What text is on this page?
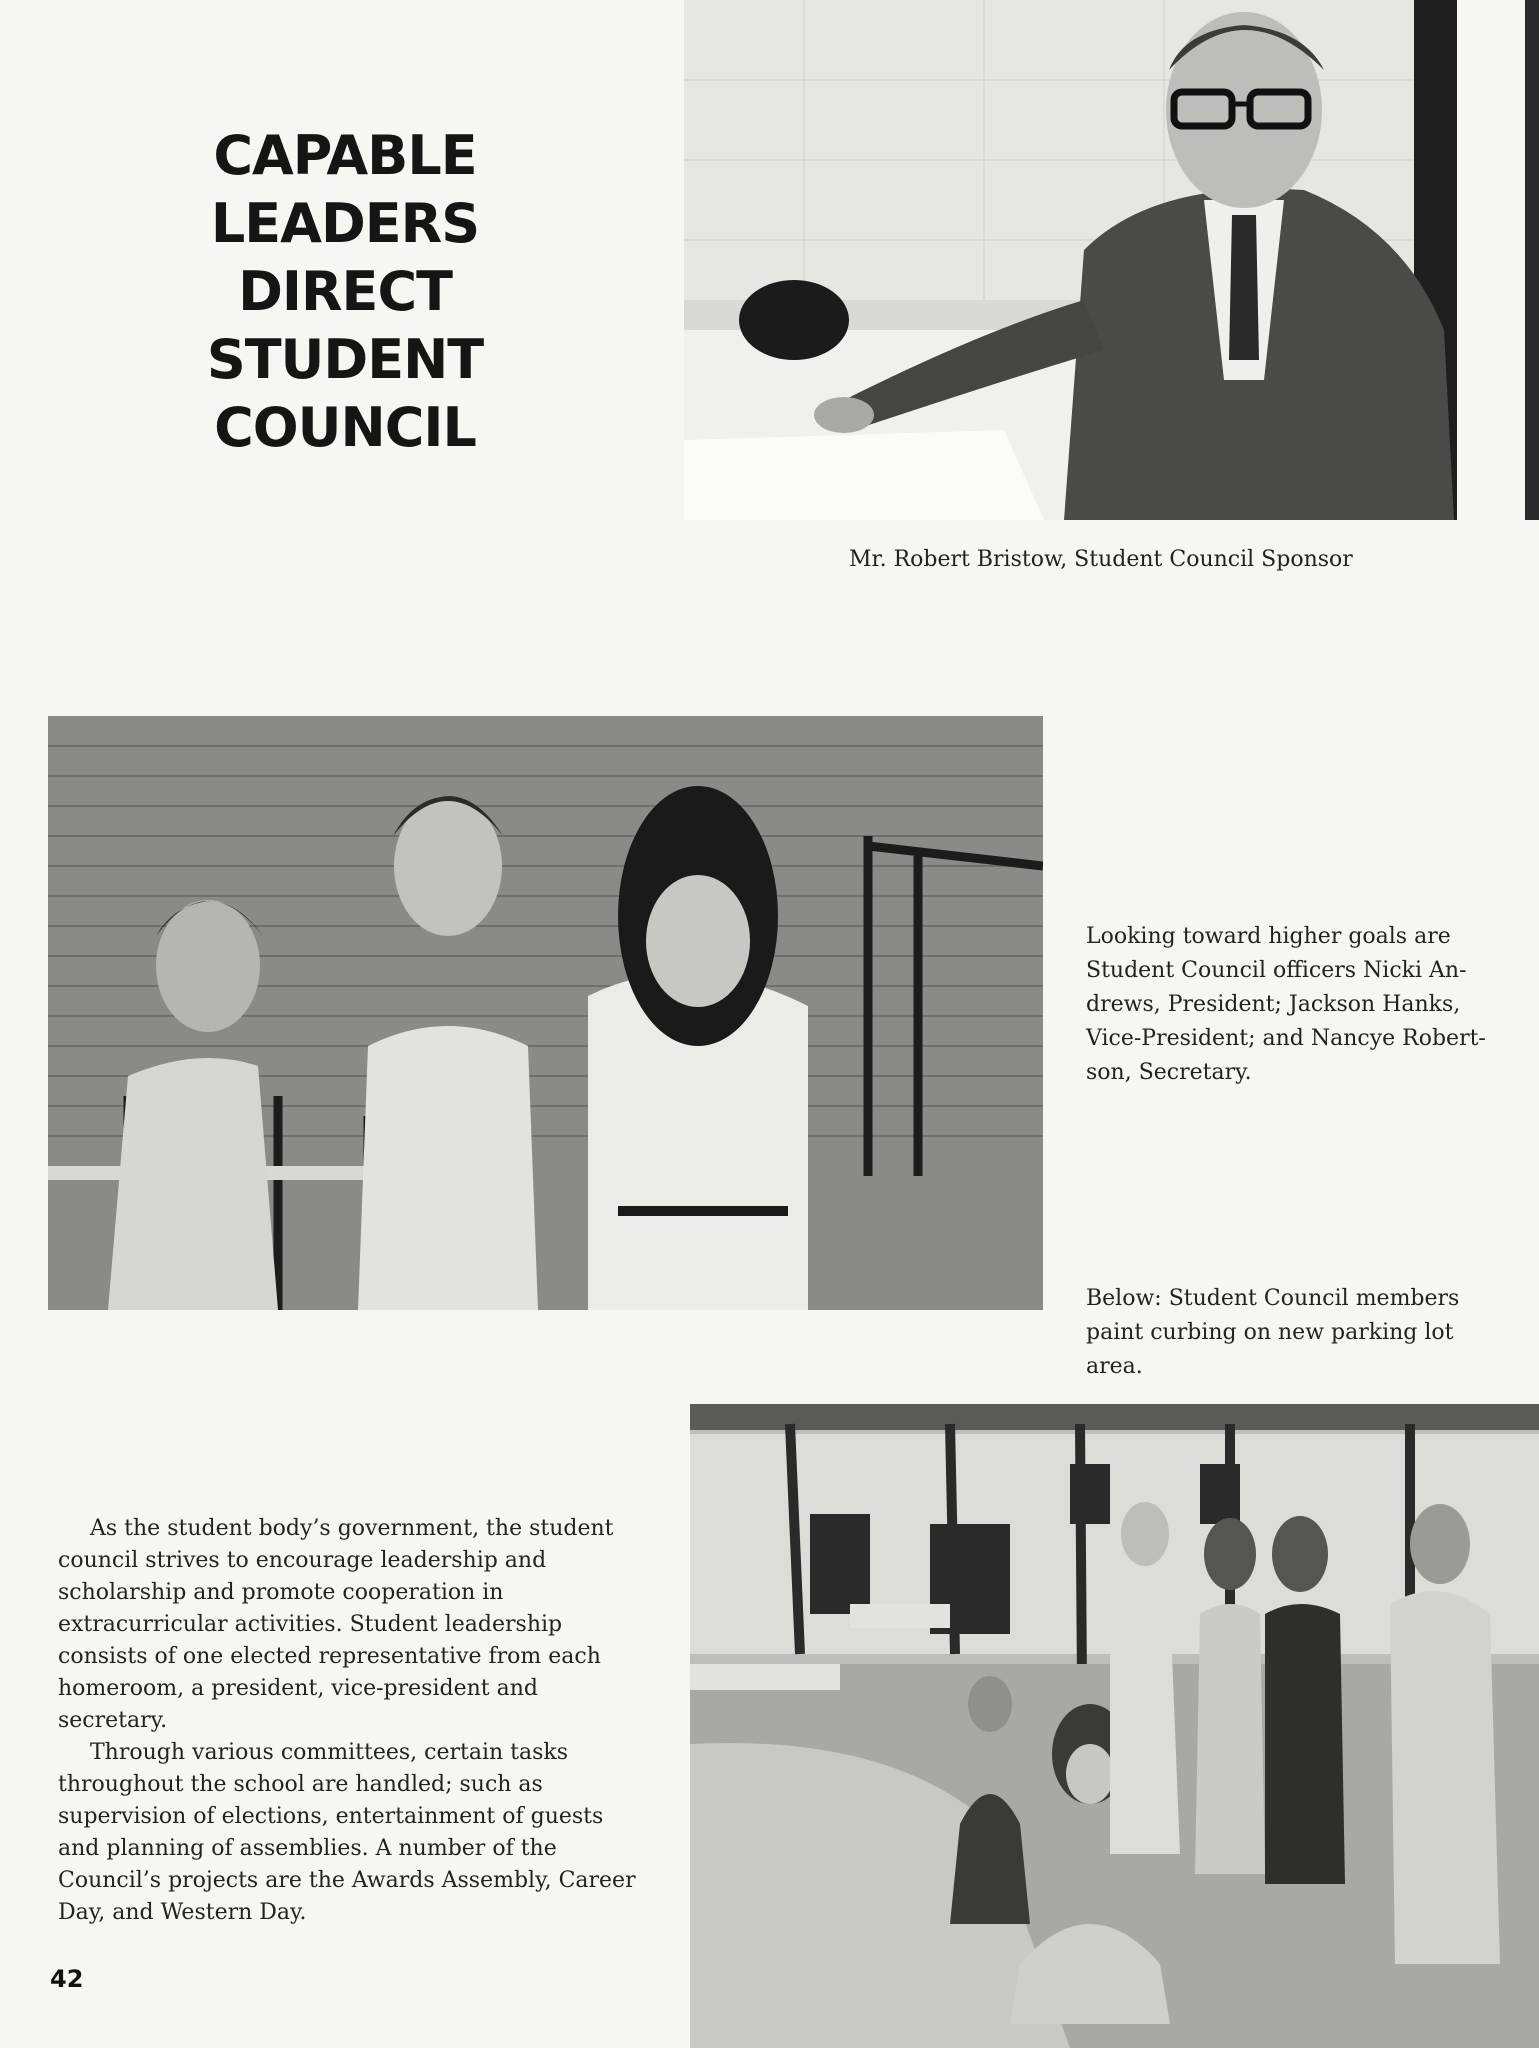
CAPABLE
LEADERS
DIRECT
STUDENT
COUNCIL
Mr. Robert Bristow, Student Council Sponsor
Looking toward higher goals are Student Council officers Nicki An-drews, President; Jackson Hanks, Vice-President; and Nancye Robert-son, Secretary.
Below: Student Council members paint curbing on new parking lot area.

As the student body’s government, the student council strives to encourage leadership and scholarship and promote cooperation in extracurricular activities. Student leadership consists of one elected representative from each homeroom, a president, vice-president and secretary.

Through various committees, certain tasks throughout the school are handled; such as supervision of elections, entertainment of guests and planning of assemblies. A number of the Council’s projects are the Awards Assembly, Career Day, and Western Day.

42
